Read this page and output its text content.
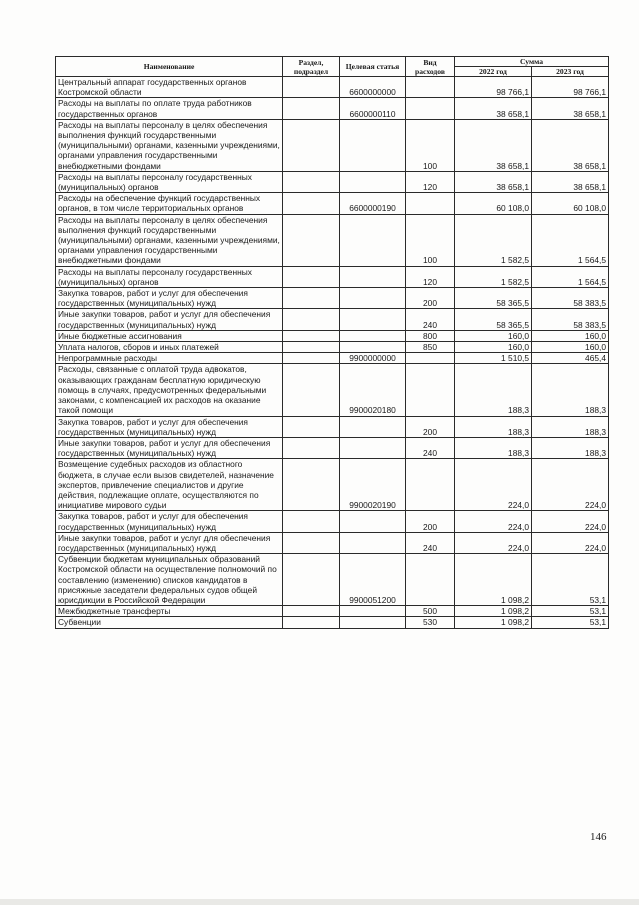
Наименование	Раздел, подраздел	Целевая статья	Вид расходов	Сумма	
				2022 год	2023 год
Центральный аппарат государственных органов Костромской области		6600000000		98 766,1	98 766,1
Расходы на выплаты по оплате труда работников государственных органов		6600000110		38 658,1	38 658,1
Расходы на выплаты персоналу в целях обеспечения выполнения функций государственными (муниципальными) органами, казенными учреждениями, органами управления государственными внебюджетными фондами			100	38 658,1	38 658,1
Расходы на выплаты персоналу государственных (муниципальных) органов			120	38 658,1	38 658,1
Расходы на обеспечение функций государственных органов, в том числе территориальных органов		6600000190		60 108,0	60 108,0
Расходы на выплаты персоналу в целях обеспечения выполнения функций государственными (муниципальными) органами, казенными учреждениями, органами управления государственными внебюджетными фондами			100	1 582,5	1 564,5
Расходы на выплаты персоналу государственных (муниципальных) органов			120	1 582,5	1 564,5
Закупка товаров, работ и услуг для обеспечения государственных (муниципальных) нужд			200	58 365,5	58 383,5
Иные закупки товаров, работ и услуг для обеспечения государственных (муниципальных) нужд			240	58 365,5	58 383,5
Иные бюджетные ассигнования			800	160,0	160,0
Уплата налогов, сборов и иных платежей			850	160,0	160,0
Непрограммные расходы		9900000000		1 510,5	465,4
Расходы, связанные с оплатой труда адвокатов, оказывающих гражданам бесплатную юридическую помощь в случаях, предусмотренных федеральными законами, с компенсацией их расходов на оказание такой помощи		9900020180		188,3	188,3
Закупка товаров, работ и услуг для обеспечения государственных (муниципальных) нужд			200	188,3	188,3
Иные закупки товаров, работ и услуг для обеспечения государственных (муниципальных) нужд			240	188,3	188,3
Возмещение судебных расходов из областного бюджета, в случае если вызов свидетелей, назначение экспертов, привлечение специалистов и другие действия, подлежащие оплате, осуществляются по инициативе мирового судьи		9900020190		224,0	224,0
Закупка товаров, работ и услуг для обеспечения государственных (муниципальных) нужд			200	224,0	224,0
Иные закупки товаров, работ и услуг для обеспечения государственных (муниципальных) нужд			240	224,0	224,0
Субвенции бюджетам муниципальных образований Костромской области на осуществление полномочий по составлению (изменению) списков кандидатов в присяжные заседатели федеральных судов общей юрисдикции в Российской Федерации		9900051200		1 098,2	53,1
Межбюджетные трансферты			500	1 098,2	53,1
Субвенции			530	1 098,2	53,1
146
